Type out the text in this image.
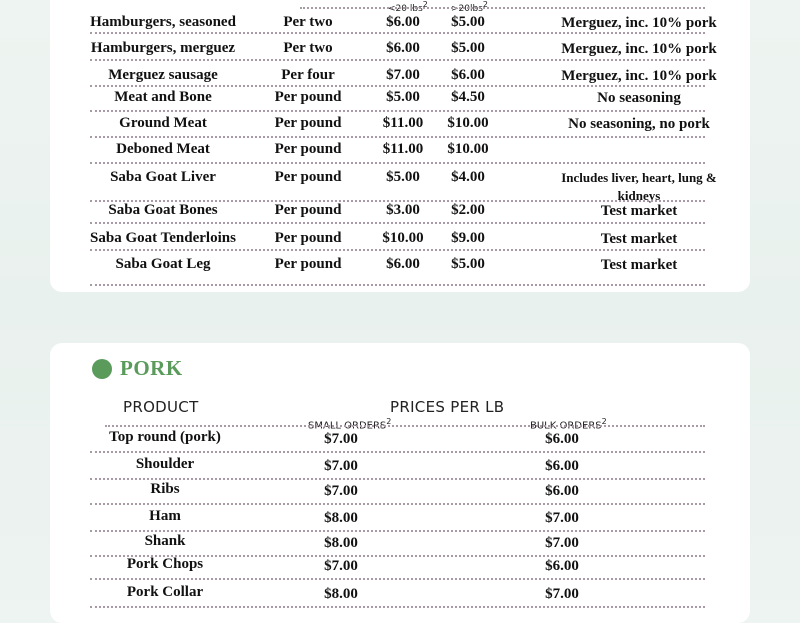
<20 lbs$^2$	>20lbs$^2$
Hamburgers, seasoned	Per two	$6.00 $5.00	Merguez, inc. 10% pork
Hamburgers, merguez	Per two	$6.00 $5.00	Merguez, inc. 10% pork
Merguez sausage	Per four	$7.00 $6.00	Merguez, inc. 10% pork
Meat and Bone	Per pound	$5.00 $4.50	No seasoning
Ground Meat	Per pound	$11.00 $10.00	No seasoning, no pork
Deboned Meat	Per pound	$11.00 $10.00
Saba Goat Liver	Per pound	$5.00 $4.00	Includes liver, heart, lung & kidneys
Saba Goat Bones	Per pound	$3.00 $2.00	Test market
Saba Goat Tenderloins	Per pound	$10.00 $9.00	Test market
Saba Goat Leg	Per pound	$6.00 $5.00	Test market
PORK
PRODUCT	PRICES PER LB
SMALL ORDERS$^2$	BULK ORDERS$^2$
Top round (pork)	$7.00	$6.00
Shoulder	$7.00	$6.00
Ribs	$7.00	$6.00
Ham	$8.00	$7.00
Shank	$8.00	$7.00
Pork Chops	$7.00	$6.00
Pork Collar	$8.00	$7.00
